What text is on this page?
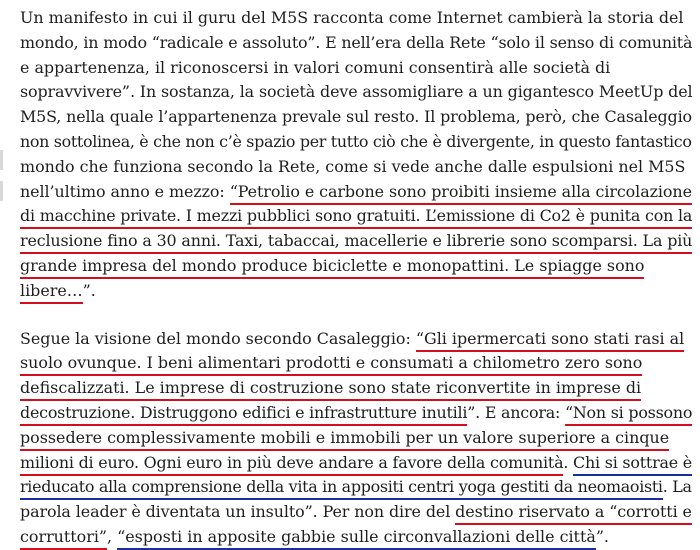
Un manifesto in cui il guru del M5S racconta come Internet cambierà la storia del

mondo, in modo “radicale e assoluto”. E nell’era della Rete “solo il senso di comunità

e appartenenza, il riconoscersi in valori comuni consentirà alle società di

sopravvivere”. In sostanza, la società deve assomigliare a un gigantesco MeetUp del

M5S, nella quale l’appartenenza prevale sul resto. Il problema, però, che Casaleggio

non sottolinea, è che non c’è spazio per tutto ciò che è divergente, in questo fantastico

mondo che funziona secondo la Rete, come si vede anche dalle espulsioni nel M5S

nell’ultimo anno e mezzo: “Petrolio e carbone sono proibiti insieme alla circolazione

di macchine private. I mezzi pubblici sono gratuiti. L’emissione di Co2 è punita con la

reclusione fino a 30 anni. Taxi, tabaccai, macellerie e librerie sono scomparsi. La più

grande impresa del mondo produce biciclette e monopattini. Le spiagge sono

libere…”.

Segue la visione del mondo secondo Casaleggio: “Gli ipermercati sono stati rasi al

suolo ovunque. I beni alimentari prodotti e consumati a chilometro zero sono

defiscalizzati. Le imprese di costruzione sono state riconvertite in imprese di

decostruzione. Distruggono edifici e infrastrutture inutili”. E ancora: “Non si possono

possedere complessivamente mobili e immobili per un valore superiore a cinque

milioni di euro. Ogni euro in più deve andare a favore della comunità. Chi si sottrae è

rieducato alla comprensione della vita in appositi centri yoga gestiti da neomaoisti. La

parola leader è diventata un insulto”. Per non dire del destino riservato a “corrotti e

corruttori”, “esposti in apposite gabbie sulle circonvallazioni delle città”.
